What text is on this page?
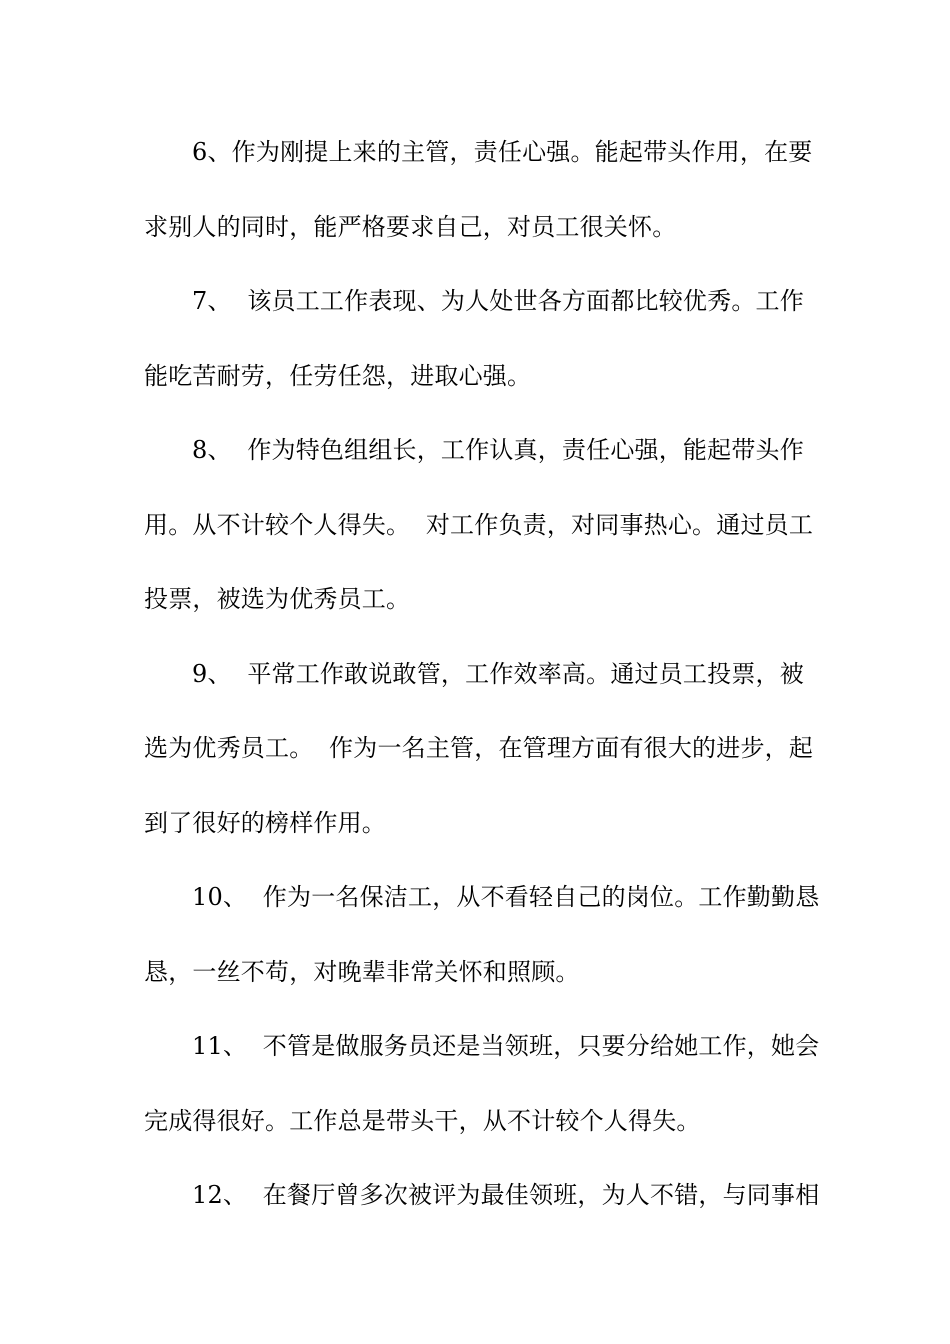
6、作为刚提上来的主管，责任心强。能起带头作用，在要
求别人的同时，能严格要求自己，对员工很关怀。
7、  该员工工作表现、为人处世各方面都比较优秀。工作
能吃苦耐劳，任劳任怨，进取心强。
8、  作为特色组组长，工作认真，责任心强，能起带头作
用。从不计较个人得失。  对工作负责，对同事热心。通过员工
投票，被选为优秀员工。
9、  平常工作敢说敢管，工作效率高。通过员工投票，被
选为优秀员工。  作为一名主管，在管理方面有很大的进步，起
到了很好的榜样作用。
10、  作为一名保洁工，从不看轻自己的岗位。工作勤勤恳
恳，一丝不苟，对晚辈非常关怀和照顾。
11、  不管是做服务员还是当领班，只要分给她工作，她会
完成得很好。工作总是带头干，从不计较个人得失。
12、  在餐厅曾多次被评为最佳领班，为人不错，与同事相
